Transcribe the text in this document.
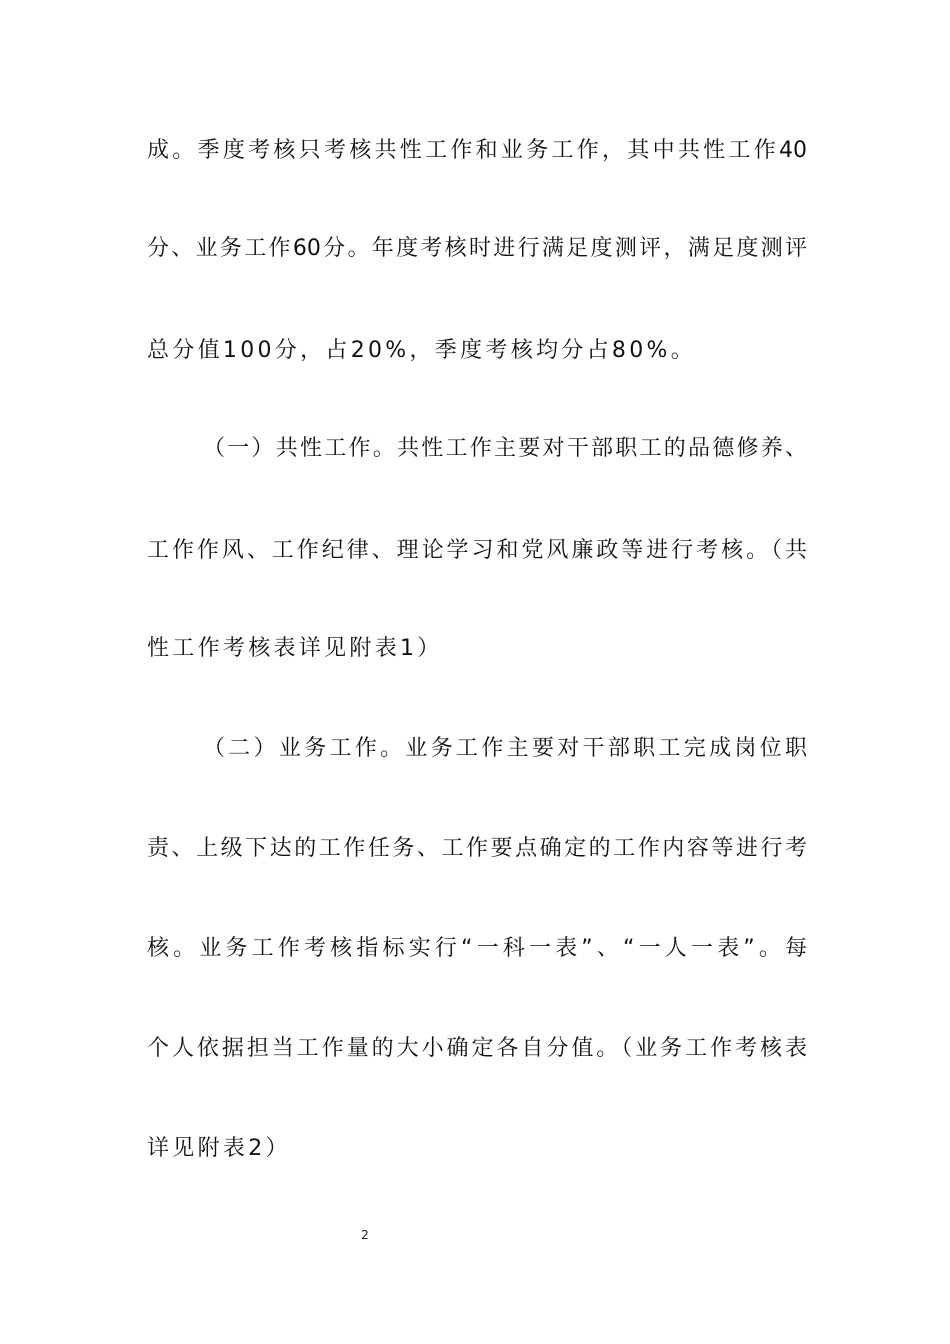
成。季度考核只考核共性工作和业务工作，其中共性工作40
分、业务工作60分。年度考核时进行满足度测评，满足度测评
总分值100分，占20%，季度考核均分占80%。
（一）共性工作。共性工作主要对干部职工的品德修养、
工作作风、工作纪律、理论学习和党风廉政等进行考核。（共
性工作考核表详见附表1）
（二）业务工作。业务工作主要对干部职工完成岗位职
责、上级下达的工作任务、工作要点确定的工作内容等进行考
核。业务工作考核指标实行“一科一表”、“一人一表”。每
个人依据担当工作量的大小确定各自分值。（业务工作考核表
详见附表2）
2
